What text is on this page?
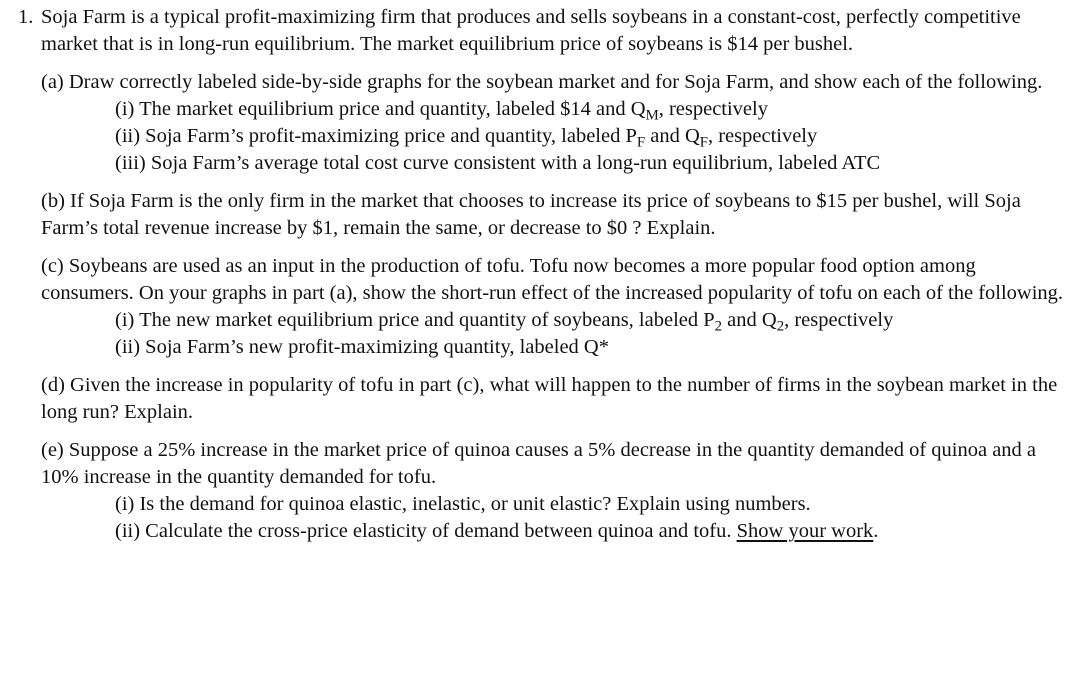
1. Soja Farm is a typical profit-maximizing firm that produces and sells soybeans in a constant-cost, perfectly competitive market that is in long-run equilibrium. The market equilibrium price of soybeans is $14 per bushel.

(a) Draw correctly labeled side-by-side graphs for the soybean market and for Soja Farm, and show each of the following.

(i) The market equilibrium price and quantity, labeled $14 and $Q_M$, respectively

(ii) Soja Farm’s profit-maximizing price and quantity, labeled $P_F$ and $Q_F$, respectively

(iii) Soja Farm’s average total cost curve consistent with a long-run equilibrium, labeled ATC

(b) If Soja Farm is the only firm in the market that chooses to increase its price of soybeans to $15 per bushel, will Soja Farm’s total revenue increase by $1, remain the same, or decrease to $0 ? Explain.

(c) Soybeans are used as an input in the production of tofu. Tofu now becomes a more popular food option among consumers. On your graphs in part (a), show the short-run effect of the increased popularity of tofu on each of the following.

(i) The new market equilibrium price and quantity of soybeans, labeled $P_2$ and $Q_2$, respectively

(ii) Soja Farm’s new profit-maximizing quantity, labeled Q*

(d) Given the increase in popularity of tofu in part (c), what will happen to the number of firms in the soybean market in the long run? Explain.

(e) Suppose a 25% increase in the market price of quinoa causes a 5% decrease in the quantity demanded of quinoa and a 10% increase in the quantity demanded for tofu.

(i) Is the demand for quinoa elastic, inelastic, or unit elastic? Explain using numbers.

(ii) Calculate the cross-price elasticity of demand between quinoa and tofu. Show your work.
